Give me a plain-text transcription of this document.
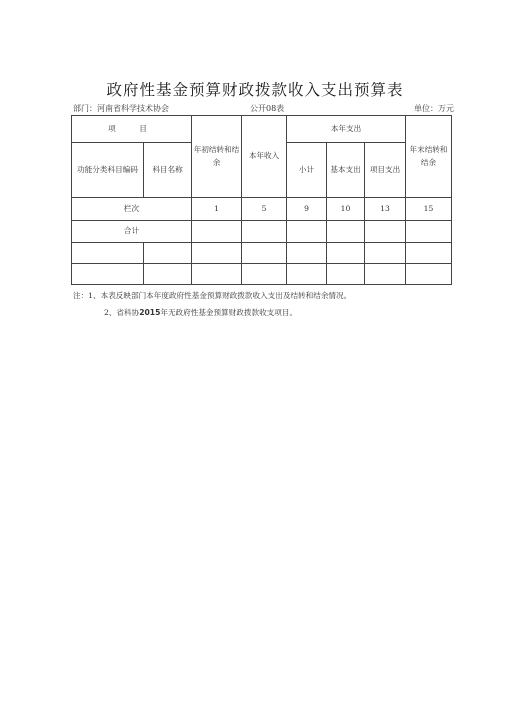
政府性基金预算财政拨款收入支出预算表
部门：河南省科学技术协会	公开08表	单位：万元
项　目		年初结转和结余	本年收入	本年支出			年末结转和结余
功能分类科目编码	科目名称			小计	基本支出	项目支出	
栏次		1	5	9	10	13	15
合计							

注：1、本表反映部门本年度政府性基金预算财政拨款收入支出及结转和结余情况。
2、省科协2015年无政府性基金预算财政拨款收支项目。
